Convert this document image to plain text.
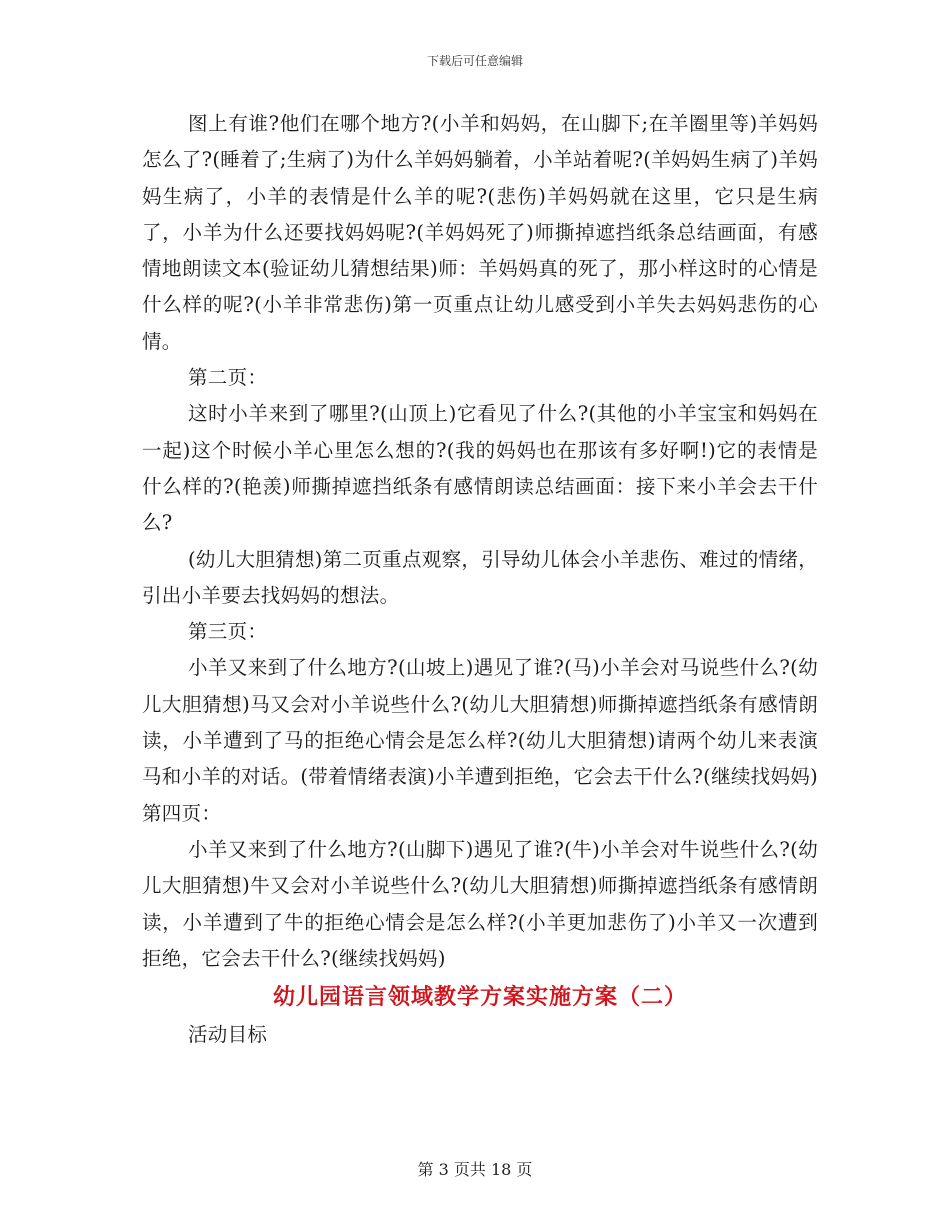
下载后可任意编辑

图上有谁?他们在哪个地方?(小羊和妈妈，在山脚下;在羊圈里等)羊妈妈怎么了?(睡着了;生病了)为什么羊妈妈躺着，小羊站着呢?(羊妈妈生病了)羊妈妈生病了，小羊的表情是什么羊的呢?(悲伤)羊妈妈就在这里，它只是生病了，小羊为什么还要找妈妈呢?(羊妈妈死了)师撕掉遮挡纸条总结画面，有感情地朗读文本(验证幼儿猜想结果)师：羊妈妈真的死了，那小样这时的心情是什么样的呢?(小羊非常悲伤)第一页重点让幼儿感受到小羊失去妈妈悲伤的心情。

第二页：

这时小羊来到了哪里?(山顶上)它看见了什么?(其他的小羊宝宝和妈妈在一起)这个时候小羊心里怎么想的?(我的妈妈也在那该有多好啊!)它的表情是什么样的?(艳羡)师撕掉遮挡纸条有感情朗读总结画面：接下来小羊会去干什么?

(幼儿大胆猜想)第二页重点观察，引导幼儿体会小羊悲伤、难过的情绪，引出小羊要去找妈妈的想法。

第三页：

小羊又来到了什么地方?(山坡上)遇见了谁?(马)小羊会对马说些什么?(幼儿大胆猜想)马又会对小羊说些什么?(幼儿大胆猜想)师撕掉遮挡纸条有感情朗读，小羊遭到了马的拒绝心情会是怎么样?(幼儿大胆猜想)请两个幼儿来表演马和小羊的对话。(带着情绪表演)小羊遭到拒绝，它会去干什么?(继续找妈妈)第四页：

小羊又来到了什么地方?(山脚下)遇见了谁?(牛)小羊会对牛说些什么?(幼儿大胆猜想)牛又会对小羊说些什么?(幼儿大胆猜想)师撕掉遮挡纸条有感情朗读，小羊遭到了牛的拒绝心情会是怎么样?(小羊更加悲伤了)小羊又一次遭到拒绝，它会去干什么?(继续找妈妈)

幼儿园语言领域教学方案实施方案（二）

活动目标

第 3 页共 18 页
